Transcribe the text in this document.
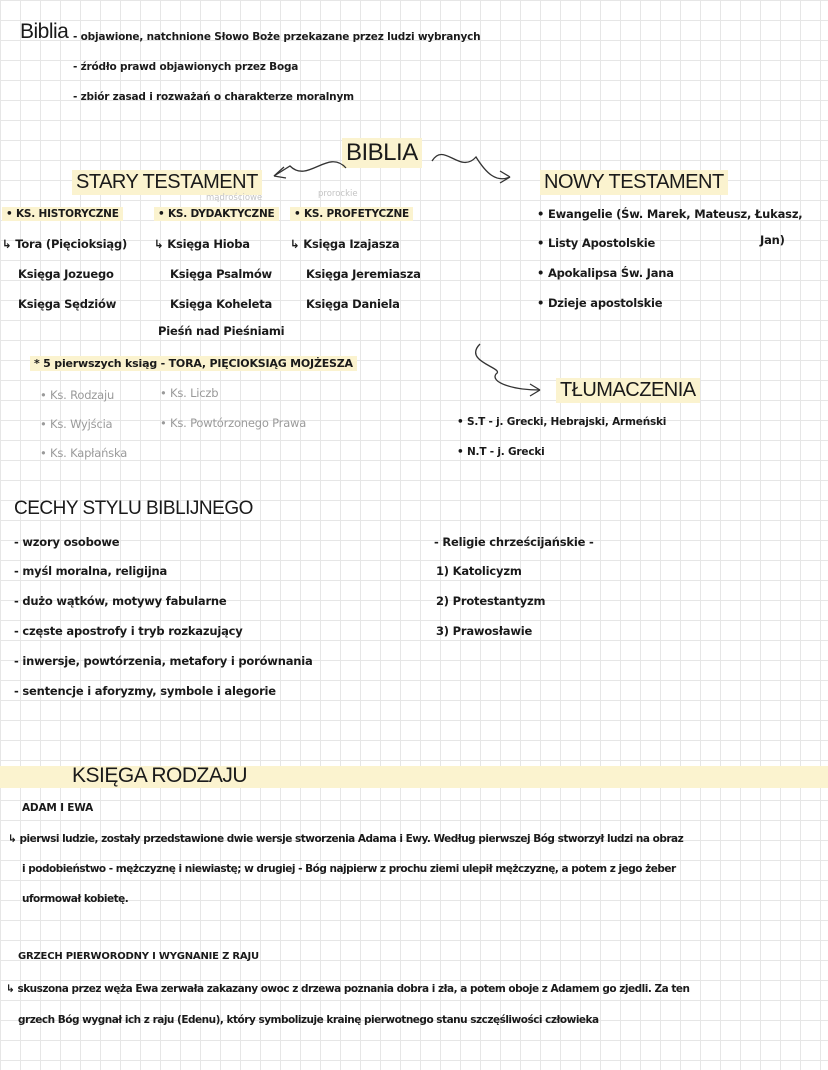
Biblia - objawione, natchnione Słowo Boże przekazane przez ludzi wybranych
- źródło prawd objawionych przez Boga
- zbiór zasad i rozważań o charakterze moralnym
BIBLIA
STARY TESTAMENT
mądrościowe	prorockie
• KS. HISTORYCZNE
↳ Tora (Pięcioksiąg)
Księga Jozuego
Księga Sędziów
• KS. DYDAKTYCZNE
↳ Księga Hioba
Księga Psalmów
Księga Koheleta
Pieśń nad Pieśniami
• KS. PROFETYCZNE
↳ Księga Izajasza
Księga Jeremiasza
Księga Daniela
* 5 pierwszych ksiąg - TORA, PIĘCIOKSIĄG MOJŻESZA
• Ks. Rodzaju	• Ks. Liczb
• Ks. Wyjścia	• Ks. Powtórzonego Prawa
• Ks. Kapłańska
NOWY TESTAMENT
• Ewangelie (Św. Marek, Mateusz, Łukasz,
Jan)
• Listy Apostolskie
• Apokalipsa Św. Jana
• Dzieje apostolskie
TŁUMACZENIA
• S.T - j. Grecki, Hebrajski, Armeński
• N.T - j. Grecki
CECHY STYLU BIBLIJNEGO
- wzory osobowe
- myśl moralna, religijna
- dużo wątków, motywy fabularne
- częste apostrofy i tryb rozkazujący
- inwersje, powtórzenia, metafory i porównania
- sentencje i aforyzmy, symbole i alegorie
- Religie chrześcijańskie -
1) Katolicyzm
2) Protestantyzm
3) Prawosławie
KSIĘGA RODZAJU
ADAM I EWA
↳ pierwsi ludzie, zostały przedstawione dwie wersje stworzenia Adama i Ewy. Według pierwszej Bóg stworzył ludzi na obraz
i podobieństwo - mężczyznę i niewiastę; w drugiej - Bóg najpierw z prochu ziemi ulepił mężczyznę, a potem z jego żeber
uformował kobietę.
GRZECH PIERWORODNY I WYGNANIE Z RAJU
↳ skuszona przez węża Ewa zerwała zakazany owoc z drzewa poznania dobra i zła, a potem oboje z Adamem go zjedli. Za ten
grzech Bóg wygnał ich z raju (Edenu), który symbolizuje krainę pierwotnego stanu szczęśliwości człowieka
